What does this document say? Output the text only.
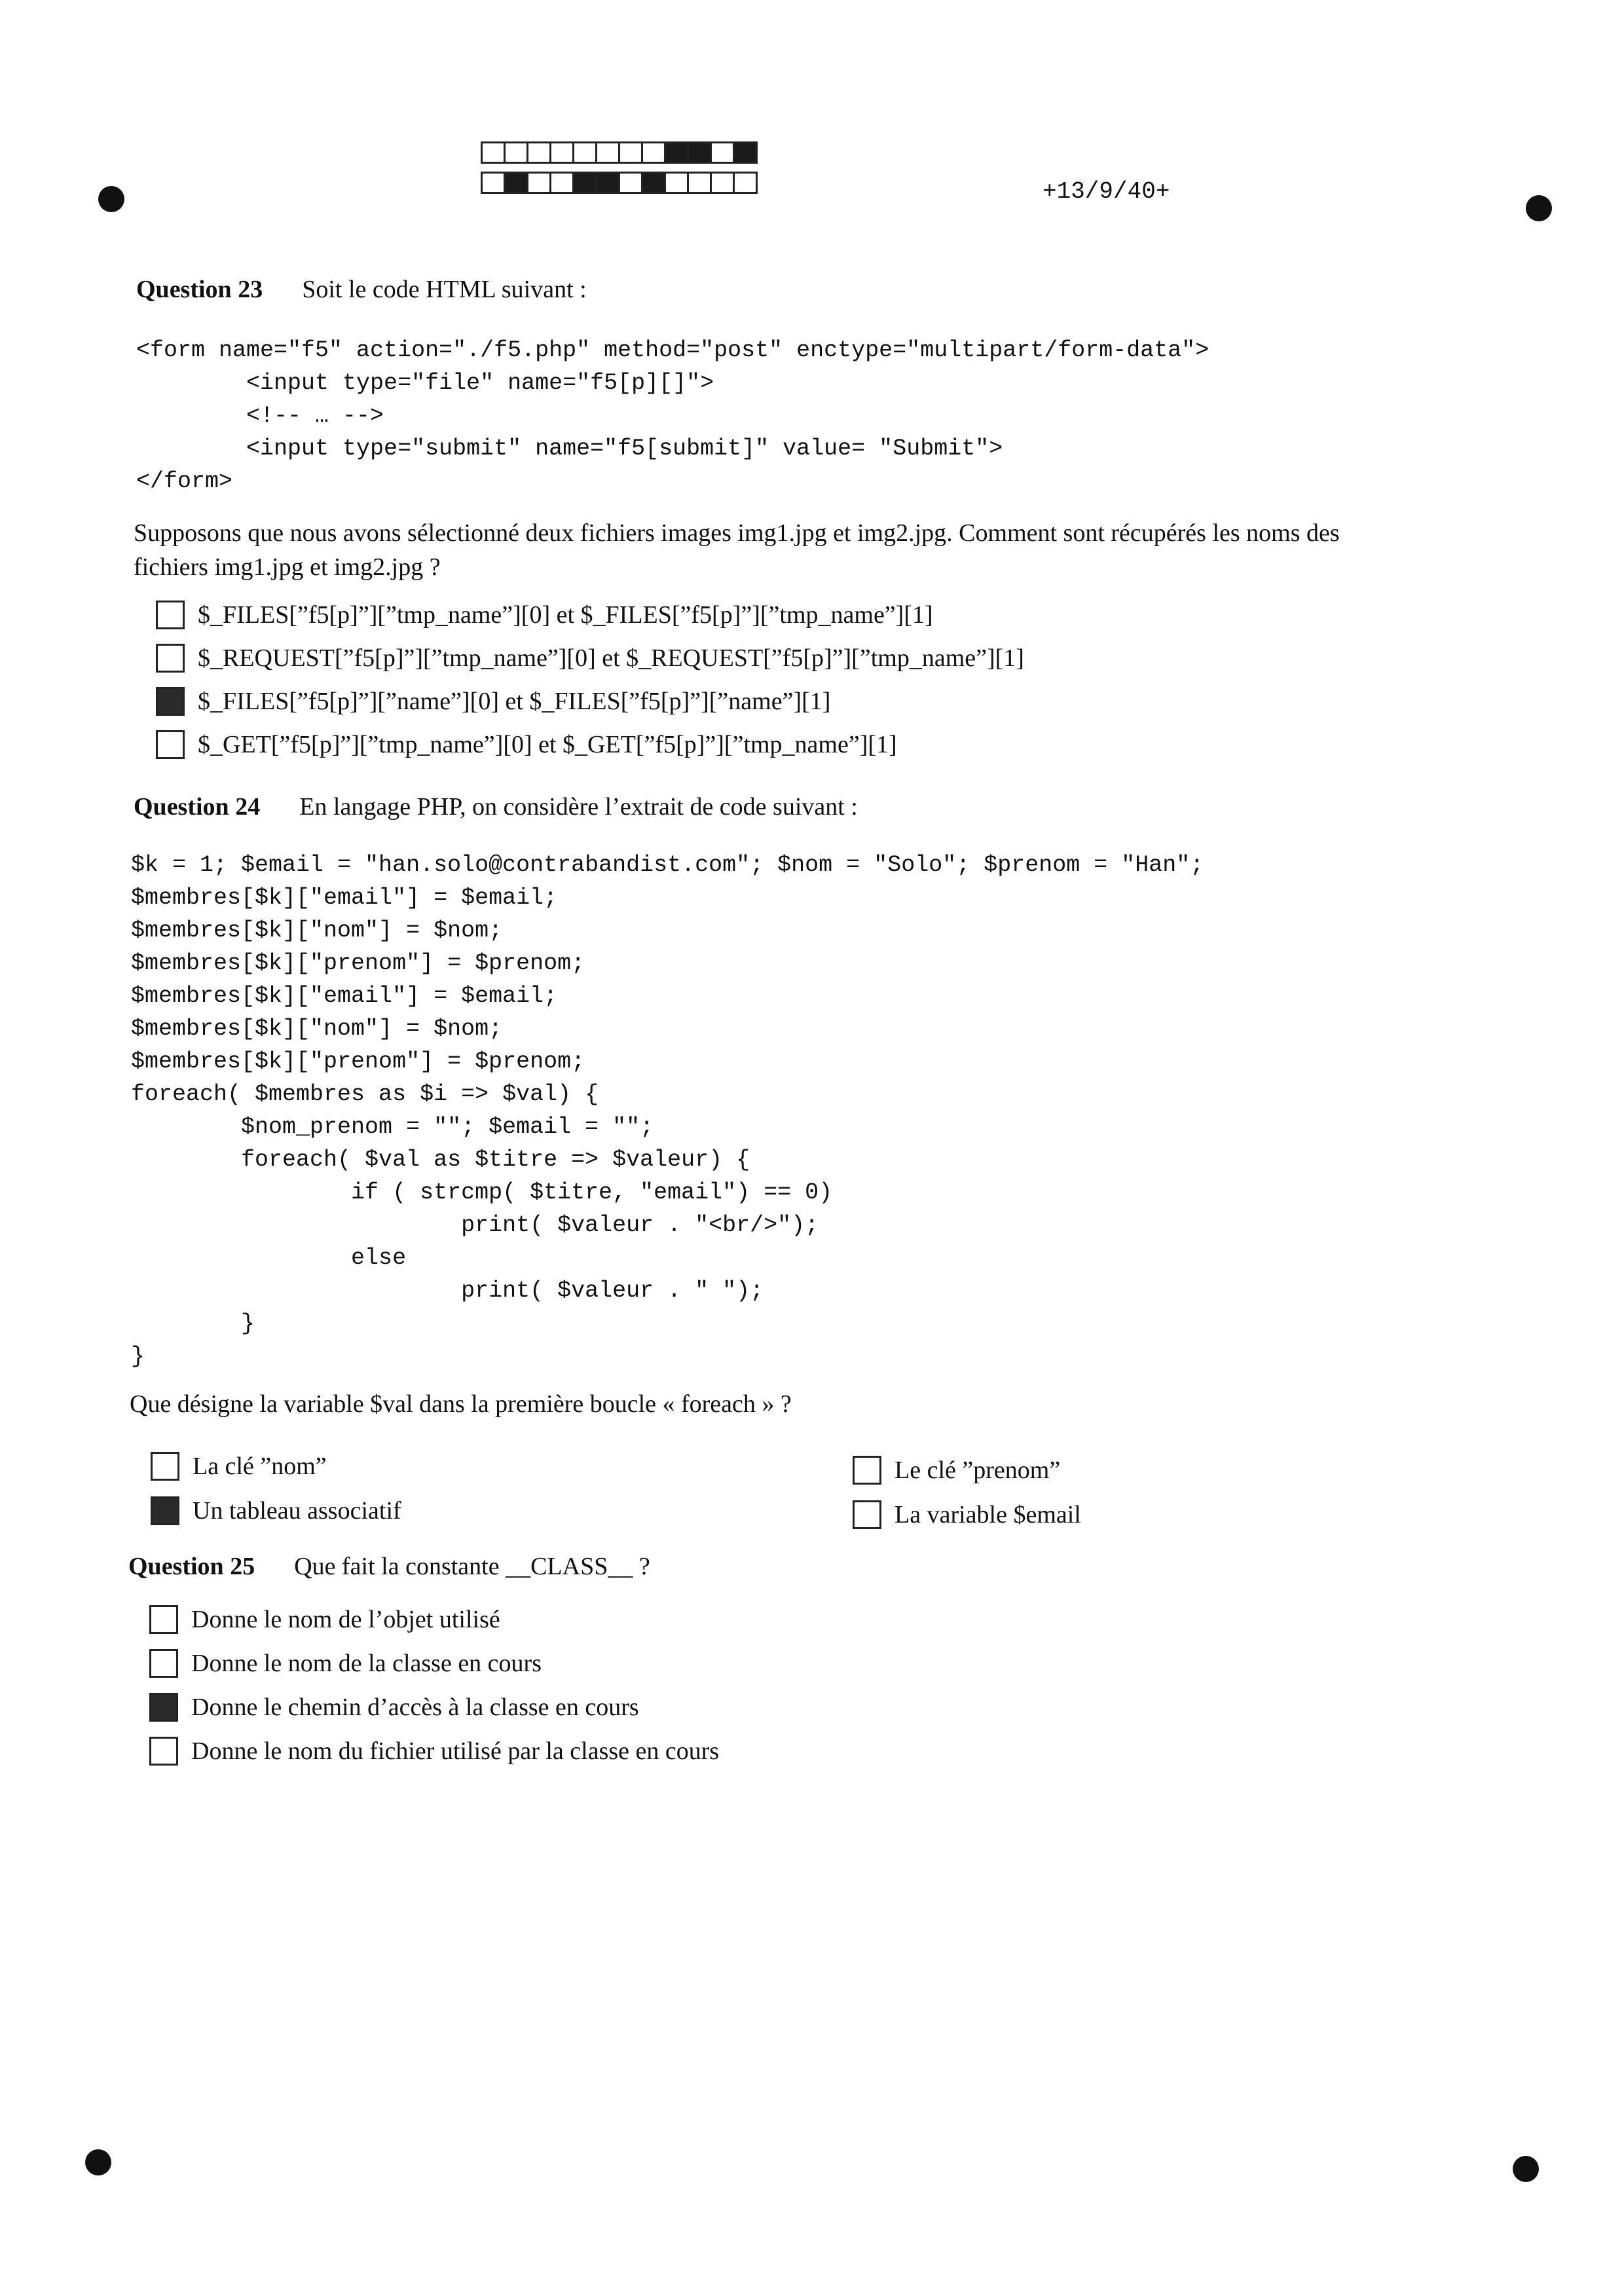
+13/9/40+
Question 23 Soit le code HTML suivant :
<form name="f5" action="./f5.php" method="post" enctype="multipart/form-data">
<input type="file" name="f5[p][]">
<!-- … -->
<input type="submit" name="f5[submit]" value= "Submit">
</form>
Supposons que nous avons sélectionné deux fichiers images img1.jpg et img2.jpg. Comment sont récupérés les noms des
fichiers img1.jpg et img2.jpg ?
$_FILES[”f5[p]”][”tmp_name”][0] et $_FILES[”f5[p]”][”tmp_name”][1]
$_REQUEST[”f5[p]”][”tmp_name”][0] et $_REQUEST[”f5[p]”][”tmp_name”][1]
$_FILES[”f5[p]”][”name”][0] et $_FILES[”f5[p]”][”name”][1]
$_GET[”f5[p]”][”tmp_name”][0] et $_GET[”f5[p]”][”tmp_name”][1]
Question 24 En langage PHP, on considère l’extrait de code suivant :
$k = 1; $email = "han.solo@contrabandist.com"; $nom = "Solo"; $prenom = "Han";
$membres[$k]["email"] = $email;
$membres[$k]["nom"] = $nom;
$membres[$k]["prenom"] = $prenom;
$membres[$k]["email"] = $email;
$membres[$k]["nom"] = $nom;
$membres[$k]["prenom"] = $prenom;
foreach( $membres as $i => $val) {
$nom_prenom = ""; $email = "";
foreach( $val as $titre => $valeur) {
if ( strcmp( $titre, "email") == 0)
print( $valeur . "<br/>");
else
print( $valeur . " ");
}
}
Que désigne la variable $val dans la première boucle « foreach » ?
La clé ”nom”
Un tableau associatif
Le clé ”prenom”
La variable $email
Question 25 Que fait la constante __CLASS__ ?
Donne le nom de l’objet utilisé
Donne le nom de la classe en cours
Donne le chemin d’accès à la classe en cours
Donne le nom du fichier utilisé par la classe en cours
